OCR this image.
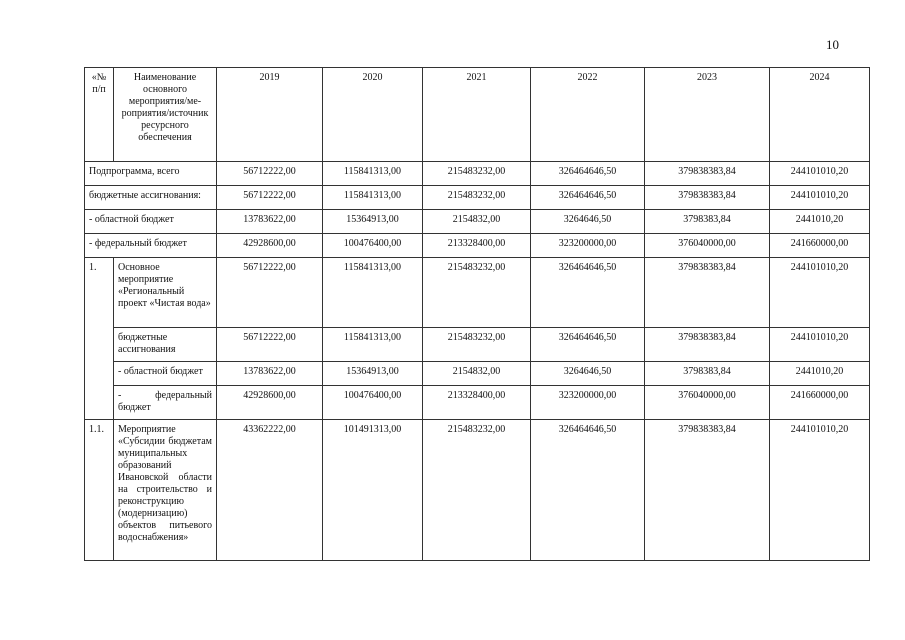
10
«№ п/п	Наименование основного мероприятия/ме-роприятия/источник ресурсного обеспечения	2019	2020	2021	2022	2023	2024
Подпрограмма, всего		56712222,00	115841313,00	215483232,00	326464646,50	379838383,84	244101010,20
бюджетные ассигнования:		56712222,00	115841313,00	215483232,00	326464646,50	379838383,84	244101010,20
- областной бюджет		13783622,00	15364913,00	2154832,00	3264646,50	3798383,84	2441010,20
- федеральный бюджет		42928600,00	100476400,00	213328400,00	323200000,00	376040000,00	241660000,00
1.	Основное мероприятие «Региональный проект «Чистая вода»	56712222,00	115841313,00	215483232,00	326464646,50	379838383,84	244101010,20
	бюджетные ассигнования	56712222,00	115841313,00	215483232,00	326464646,50	379838383,84	244101010,20
	- областной бюджет	13783622,00	15364913,00	2154832,00	3264646,50	3798383,84	2441010,20
	- федеральный бюджет	42928600,00	100476400,00	213328400,00	323200000,00	376040000,00	241660000,00
1.1.	Мероприятие «Субсидии бюджетам муниципальных образований Ивановской области на строительство и реконструкцию (модернизацию) объектов питьевого водоснабжения»	43362222,00	101491313,00	215483232,00	326464646,50	379838383,84	244101010,20
